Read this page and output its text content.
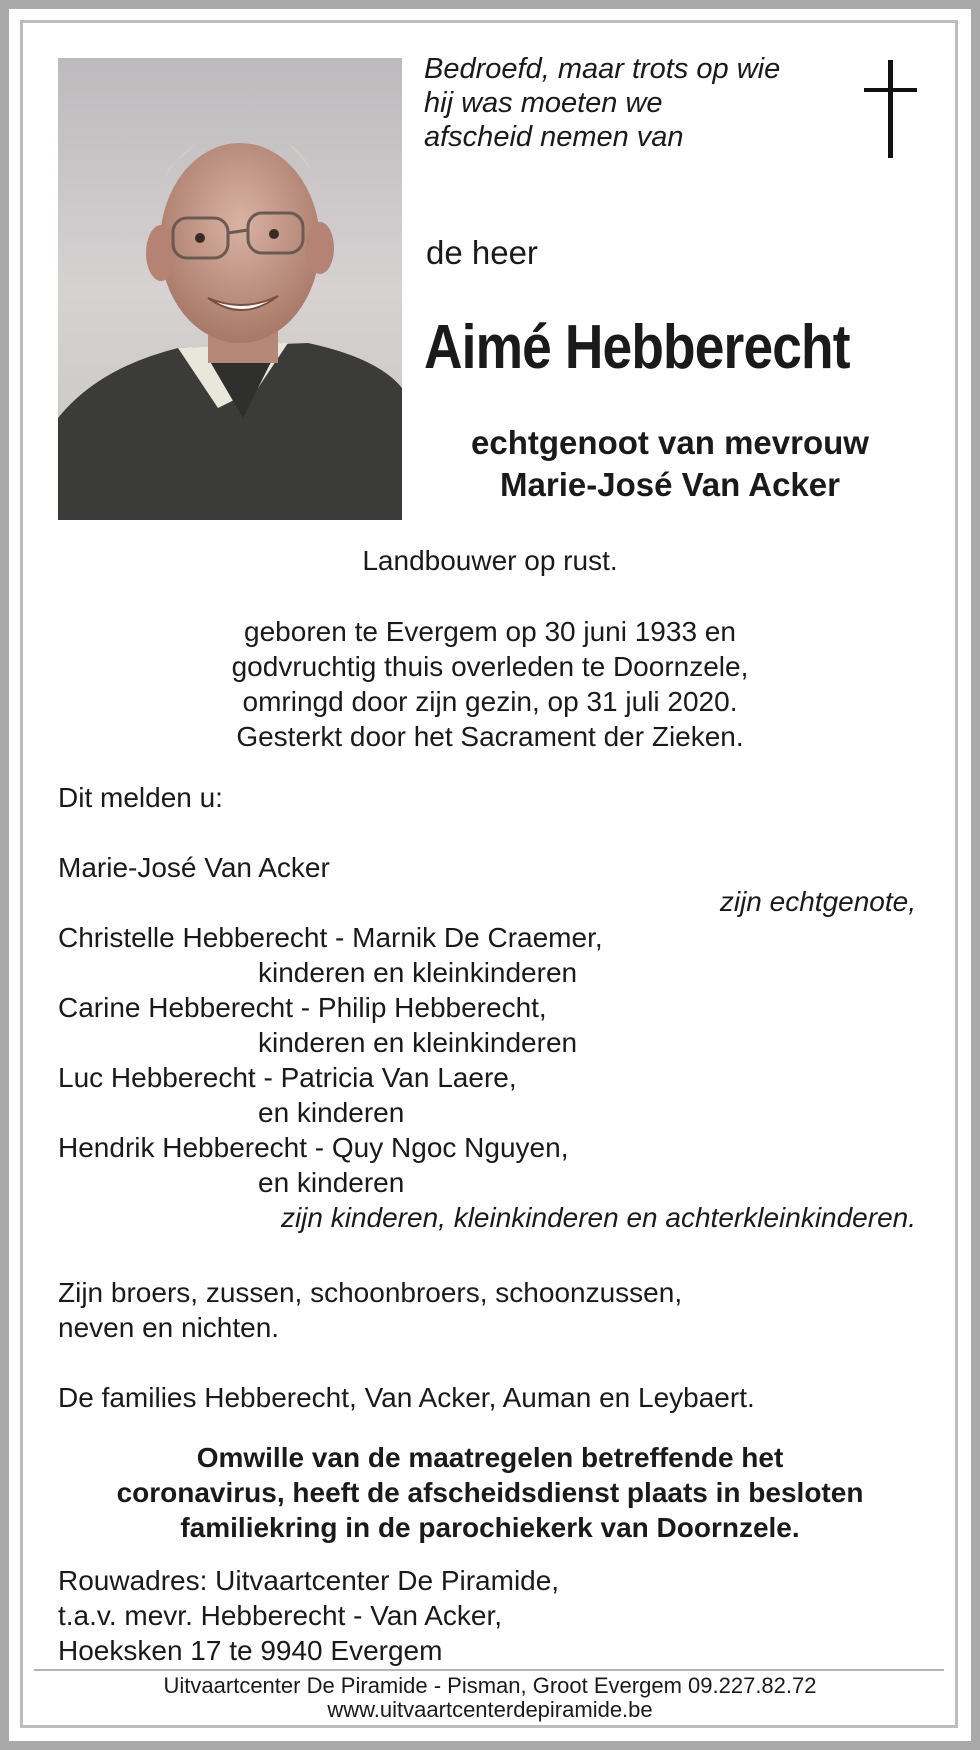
Bedroefd, maar trots op wie
hij was moeten we
afscheid nemen van
de heer
Aimé Hebberecht
echtgenoot van mevrouw
Marie-José Van Acker
Landbouwer op rust.
geboren te Evergem op 30 juni 1933 en
godvruchtig thuis overleden te Doornzele,
omringd door zijn gezin, op 31 juli 2020.
Gesterkt door het Sacrament der Zieken.
Dit melden u:
Marie-José Van Acker
zijn echtgenote,
Christelle Hebberecht - Marnik De Craemer,
kinderen en kleinkinderen
Carine Hebberecht - Philip Hebberecht,
kinderen en kleinkinderen
Luc Hebberecht - Patricia Van Laere,
en kinderen
Hendrik Hebberecht - Quy Ngoc Nguyen,
en kinderen
zijn kinderen, kleinkinderen en achterkleinkinderen.
Zijn broers, zussen, schoonbroers, schoonzussen,
neven en nichten.
De families Hebberecht, Van Acker, Auman en Leybaert.
Omwille van de maatregelen betreffende het
coronavirus, heeft de afscheidsdienst plaats in besloten
familiekring in de parochiekerk van Doornzele.
Rouwadres: Uitvaartcenter De Piramide,
t.a.v. mevr. Hebberecht - Van Acker,
Hoeksken 17 te 9940 Evergem
Uitvaartcenter De Piramide - Pisman, Groot Evergem 09.227.82.72
www.uitvaartcenterdepiramide.be
